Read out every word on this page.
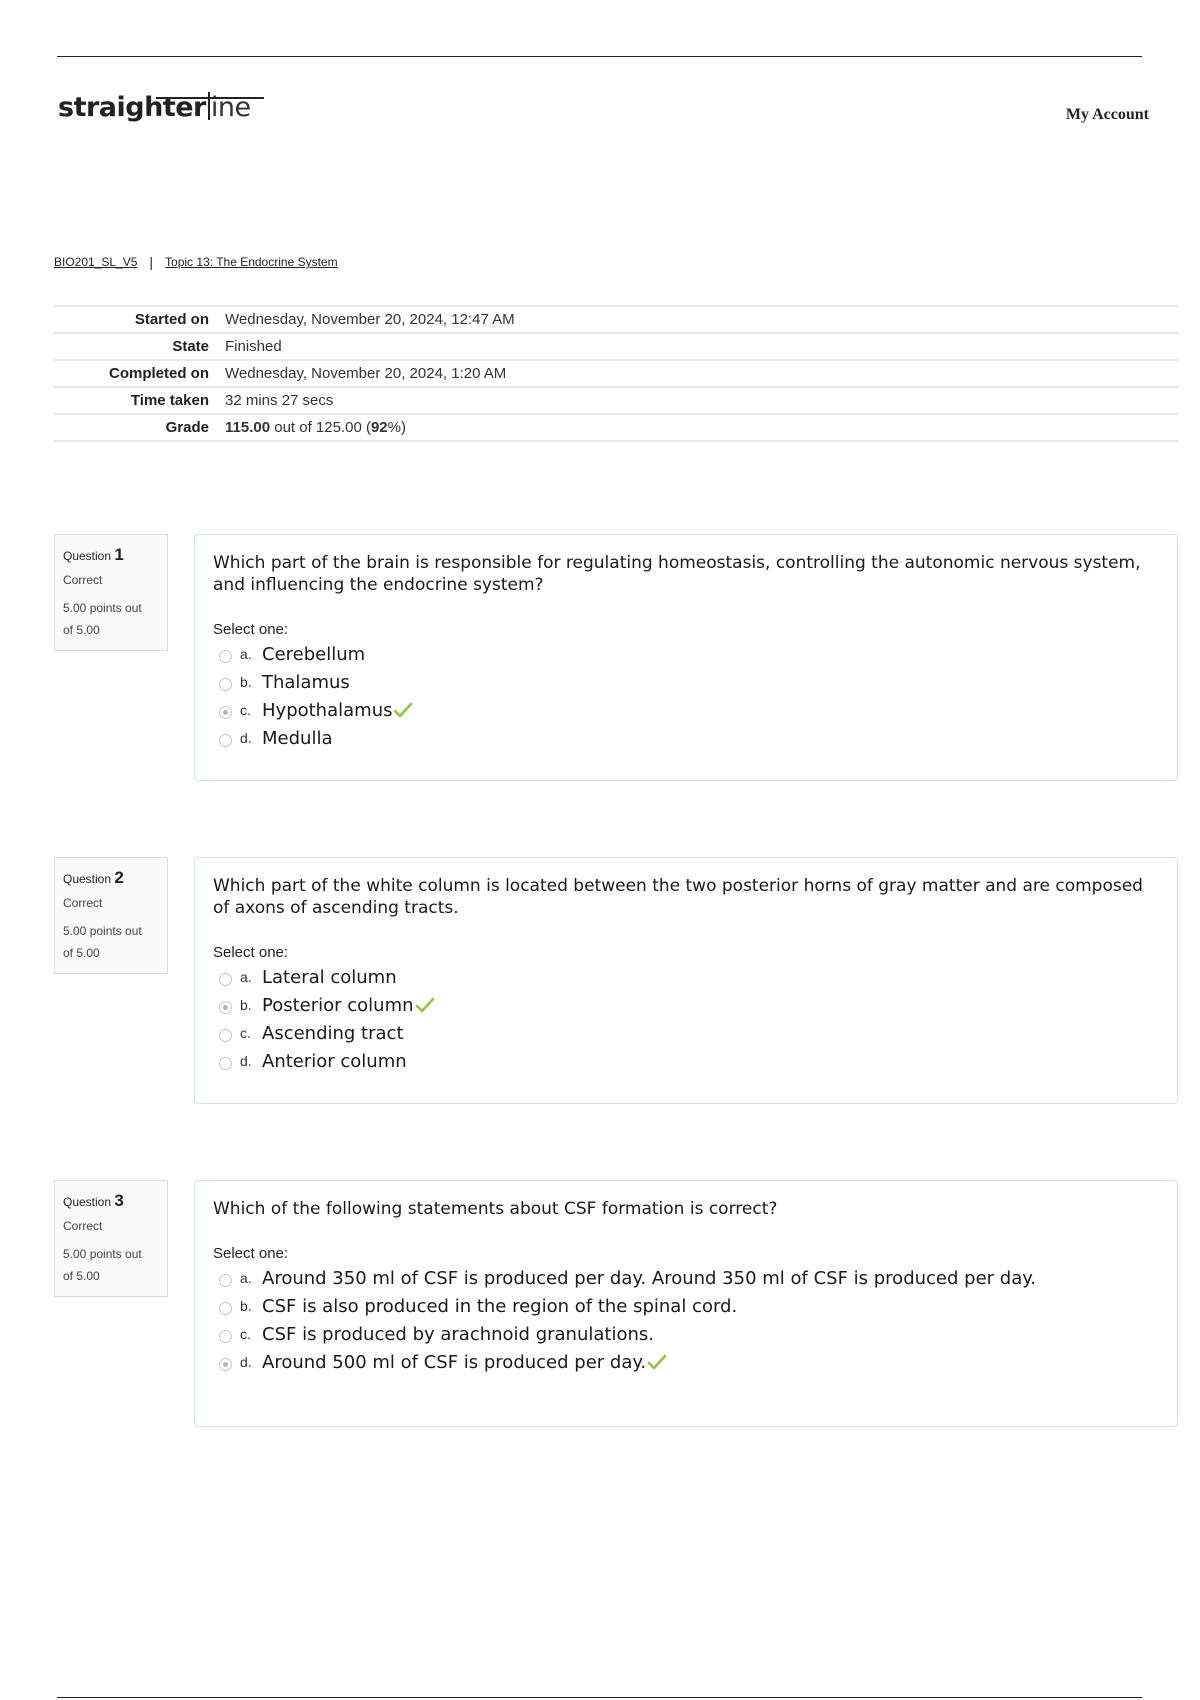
straighter ine	My Account
BIO201_SL_V5 | Topic 13: The Endocrine System
Started on	Wednesday, November 20, 2024, 12:47 AM
State	Finished
Completed on	Wednesday, November 20, 2024, 1:20 AM
Time taken	32 mins 27 secs
Grade	115.00 out of 125.00 (92%)
Question 1
Correct
5.00 points out
of 5.00
Which part of the brain is responsible for regulating homeostasis, controlling the autonomic nervous system, and influencing the endocrine system?
Select one:
a. Cerebellum
b. Thalamus
c. Hypothalamus
d. Medulla
Question 2
Correct
5.00 points out
of 5.00
Which part of the white column is located between the two posterior horns of gray matter and are composed of axons of ascending tracts.
Select one:
a. Lateral column
b. Posterior column
c. Ascending tract
d. Anterior column
Question 3
Correct
5.00 points out
of 5.00
Which of the following statements about CSF formation is correct?
Select one:
a. Around 350 ml of CSF is produced per day. Around 350 ml of CSF is produced per day.
b. CSF is also produced in the region of the spinal cord.
c. CSF is produced by arachnoid granulations.
d. Around 500 ml of CSF is produced per day.
